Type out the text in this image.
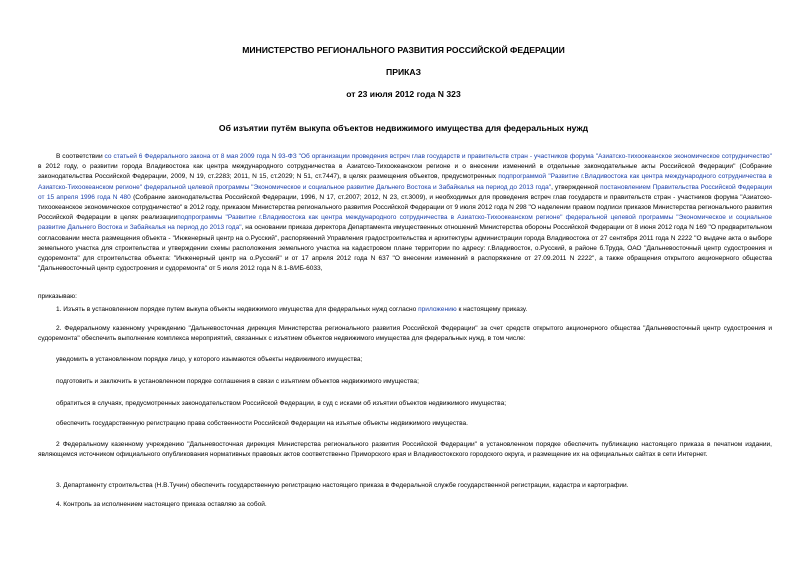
МИНИСТЕРСТВО РЕГИОНАЛЬНОГО РАЗВИТИЯ РОССИЙСКОЙ ФЕДЕРАЦИИ
ПРИКАЗ
от 23 июля 2012 года N 323
Об изъятии путём выкупа объектов недвижимого имущества для федеральных нужд
В соответствии со статьей 6 Федерального закона от 8 мая 2009 года N 93-ФЗ "Об организации проведения встреч глав государств и правительств стран - участников форума "Азиатско-тихоокеанское экономическое сотрудничество" в 2012 году, о развитии города Владивостока как центра международного сотрудничества в Азиатско-Тихоокеанском регионе и о внесении изменений в отдельные законодательные акты Российской Федерации" (Собрание законодательства Российской Федерации, 2009, N 19, ст.2283; 2011, N 15, ст.2029; N 51, ст.7447), в целях размещения объектов, предусмотренных подпрограммой "Развитие г.Владивостока как центра международного сотрудничества в Азиатско-Тихоокеанском регионе" федеральной целевой программы "Экономическое и социальное развитие Дальнего Востока и Забайкалья на период до 2013 года", утвержденной постановлением Правительства Российской Федерации от 15 апреля 1996 года N 480 (Собрание законодательства Российской Федерации, 1996, N 17, ст.2007; 2012, N 23, ст.3009), и необходимых для проведения встреч глав государств и правительств стран - участников форума "Азиатско-тихоокеанское экономическое сотрудничество" в 2012 году, приказом Министерства регионального развития Российской Федерации от 9 июля 2012 года N 298 "О наделении правом подписи приказов Министерства регионального развития Российской Федерации в целях реализацииподпрограммы "Развитие г.Владивостока как центра международного сотрудничества в Азиатско-Тихоокеанском регионе" федеральной целевой программы "Экономическое и социальное развитие Дальнего Востока и Забайкалья на период до 2013 года", на основании приказа директора Департамента имущественных отношений Министерства обороны Российской Федерации от 8 июня 2012 года N 169 "О предварительном согласовании места размещения объекта - "Инженерный центр на о.Русский", распоряжений Управления градостроительства и архитектуры администрации города Владивостока от 27 сентября 2011 года N 2222 "О выдаче акта о выборе земельного участка для строительства и утверждении схемы расположения земельного участка на кадастровом плане территории по адресу: г.Владивосток, о.Русский, в районе б.Труда, ОАО "Дальневосточный центр судостроения и судоремонта" для строительства объекта: "Инженерный центр на о.Русский" и от 17 апреля 2012 года N 637 "О внесении изменений в распоряжение от 27.09.2011 N 2222", а также обращения открытого акционерного общества "Дальневосточный центр судостроения и судоремонта" от 5 июля 2012 года N 8.1-8/ИБ-6033,
приказываю:
1. Изъять в установленном порядке путем выкупа объекты недвижимого имущества для федеральных нужд согласно приложению к настоящему приказу.
2. Федеральному казенному учреждению "Дальневосточная дирекция Министерства регионального развития Российской Федерации" за счет средств открытого акционерного общества "Дальневосточный центр судостроения и судоремонта" обеспечить выполнение комплекса мероприятий, связанных с изъятием объектов недвижимого имущества для федеральных нужд, в том числе:
уведомить в установленном порядке лицо, у которого изымаются объекты недвижимого имущества;
подготовить и заключить в установленном порядке соглашения в связи с изъятием объектов недвижимого имущества;
обратиться в случаях, предусмотренных законодательством Российской Федерации, в суд с исками об изъятии объектов недвижимого имущества;
обеспечить государственную регистрацию права собственности Российской Федерации на изъятые объекты недвижимого имущества.
2 Федеральному казенному учреждению "Дальневосточная дирекция Министерства регионального развития Российской Федерации" в установленном порядке обеспечить публикацию настоящего приказа в печатном издании, являющемся источником официального опубликования нормативных правовых актов соответственно Приморского края и Владивостокского городского округа, и размещение их на официальных сайтах в сети Интернет.
3. Департаменту строительства (Н.В.Тучин) обеспечить государственную регистрацию настоящего приказа в Федеральной службе государственной регистрации, кадастра и картографии.
4. Контроль за исполнением настоящего приказа оставляю за собой.
